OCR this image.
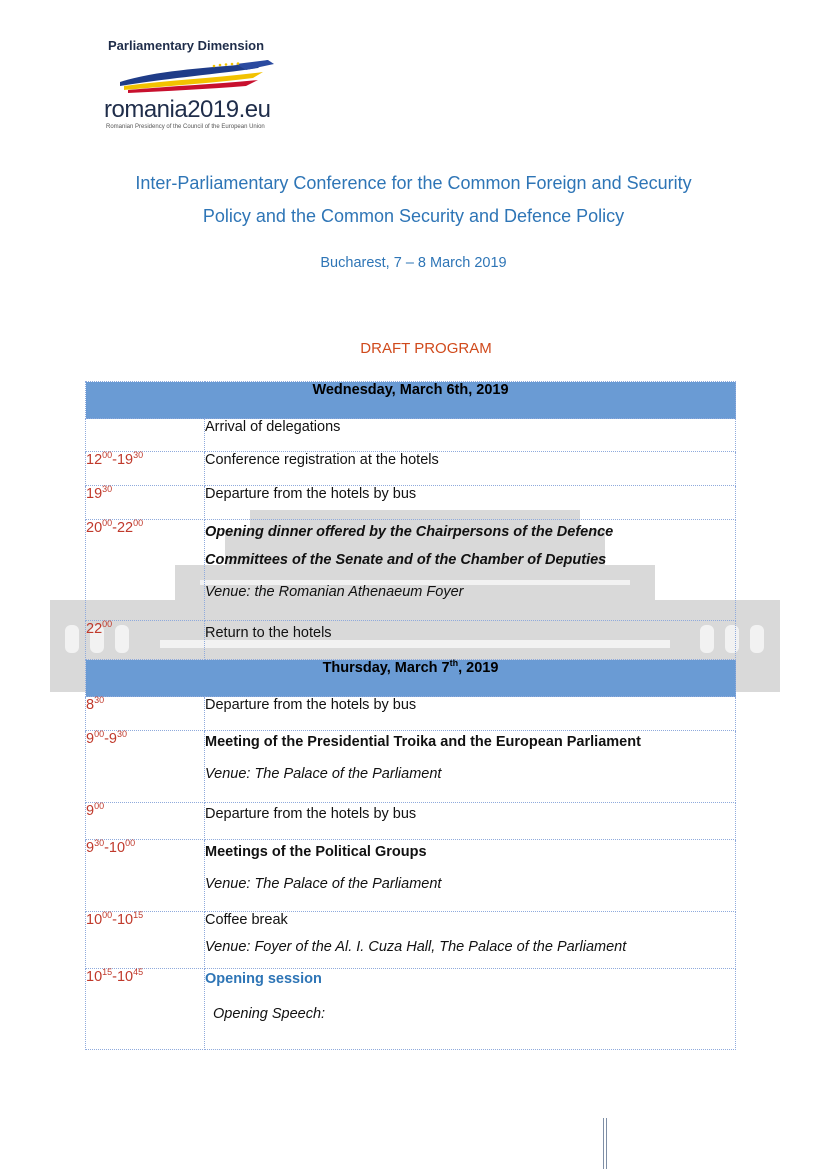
Parliamentary Dimension
romania2019.eu
Romanian Presidency of the Council of the European Union
Inter-Parliamentary Conference for the Common Foreign and Security
Policy and the Common Security and Defence Policy
Bucharest, 7 – 8 March 2019
DRAFT PROGRAM
Wednesday, March 6th, 2019	
	Arrival of delegations
$12^{00}-19^{30}$	Conference registration at the hotels
$19^{30}$	Departure from the hotels by bus
$20^{00}-22^{00}$	Opening dinner offered by the Chairpersons of the Defence
Committees of the Senate and of the Chamber of Deputies
Venue: the Romanian Athenaeum Foyer

$22^{00}$	Return to the hotels

Thursday, March 7th, 2019	
$8^{30}$	Departure from the hotels by bus
$9^{00}-9^{30}$	Meeting of the Presidential Troika and the European Parliament
Venue: The Palace of the Parliament

$9^{00}$	Departure from the hotels by bus

$9^{30}-10^{00}$	Meetings of the Political Groups
Venue: The Palace of the Parliament

$10^{00}-10^{15}$	Coffee break
Venue: Foyer of the Al. I. Cuza Hall, The Palace of the Parliament

$10^{15}-10^{45}$	Opening session
Opening Speech:
